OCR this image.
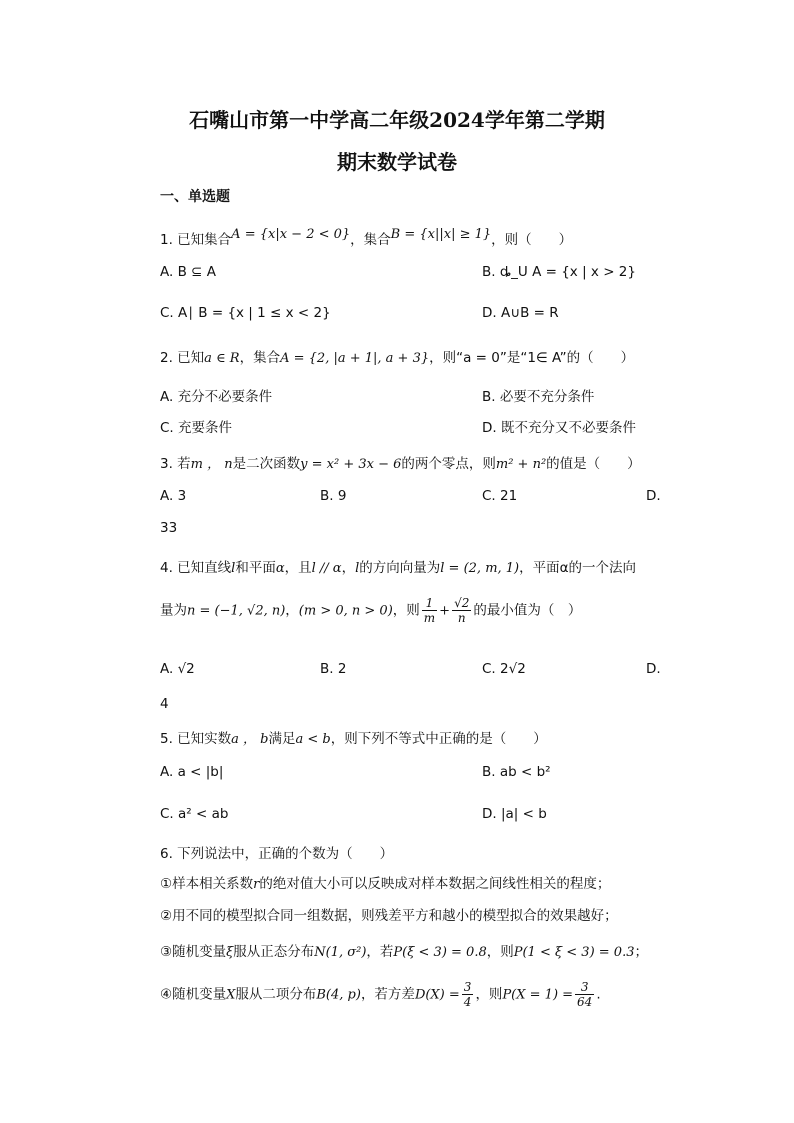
石嘴山市第一中学高二年级2024学年第二学期
期末数学试卷
一、单选题
1. 已知集合A = {x|x − 2 < 0}，集合B = {x||x| ≥ 1}，则（　　）
A. B ⊆ A	B. ȡ_U A = {x | x > 2}
C. A∣ B = {x | 1 ≤ x < 2}	D. A∪B = R
2. 已知a ∈ R，集合A = {2, |a + 1|, a + 3}，则“a = 0”是“1∈ A”的（　　）
A. 充分不必要条件	B. 必要不充分条件
C. 充要条件	D. 既不充分又不必要条件
3. 若m ， n是二次函数y = x² + 3x − 6的两个零点，则m² + n²的值是（　　）
A. 3	B. 9	C. 21	D.
33
4. 已知直线l和平面α，且l // α，l的方向向量为l = (2, m, 1)，平面α的一个法向
量为n = (−1, √2, n)，(m > 0, n > 0)，则 $\frac{1}{m} + \frac{√2}{n}$ 的最小值为（　）
A. √2	B. 2	C. 2√2	D.
4
5. 已知实数a ， b满足a < b，则下列不等式中正确的是（　　）
A. a < |b|	B. ab < b²
C. a² < ab	D. |a| < b
6. 下列说法中，正确的个数为（　　）
①样本相关系数r的绝对值大小可以反映成对样本数据之间线性相关的程度；
②用不同的模型拟合同一组数据，则残差平方和越小的模型拟合的效果越好；
③随机变量ξ服从正态分布N(1, σ²)，若P(ξ < 3) = 0.8，则P(1 < ξ < 3) = 0.3；
④随机变量X服从二项分布B(4, p)，若方差$D(X) = \frac{3}{4}$ ，则$P(X = 1) = \frac{3}{64}$ .
